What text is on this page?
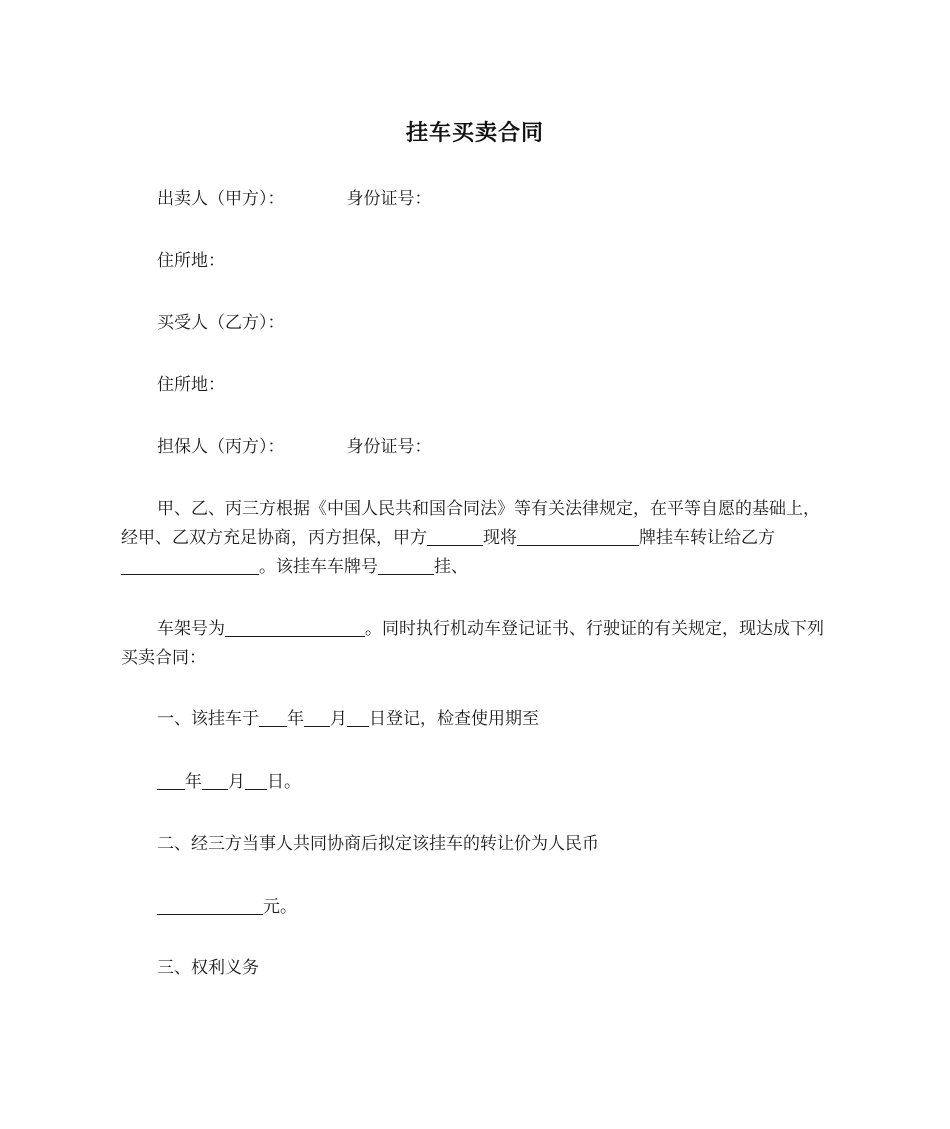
挂车买卖合同
出卖人（甲方）：	身份证号：
住所地：
买受人（乙方）：
住所地：
担保人（丙方）：	身份证号：
甲、乙、丙三方根据《中国人民共和国合同法》等有关法律规定，在平等自愿的基础上，经甲、乙双方充足协商，丙方担保，甲方	现将	牌挂车转让给乙方。该挂车车牌号	挂、
车架号为	。同时执行机动车登记证书、行驶证的有关规定，现达成下列买卖合同：
一、该挂车于 年 月 日登记，检查使用期至
年 月 日。
二、经三方当事人共同协商后拟定该挂车的转让价为人民币
元。
三、权利义务
